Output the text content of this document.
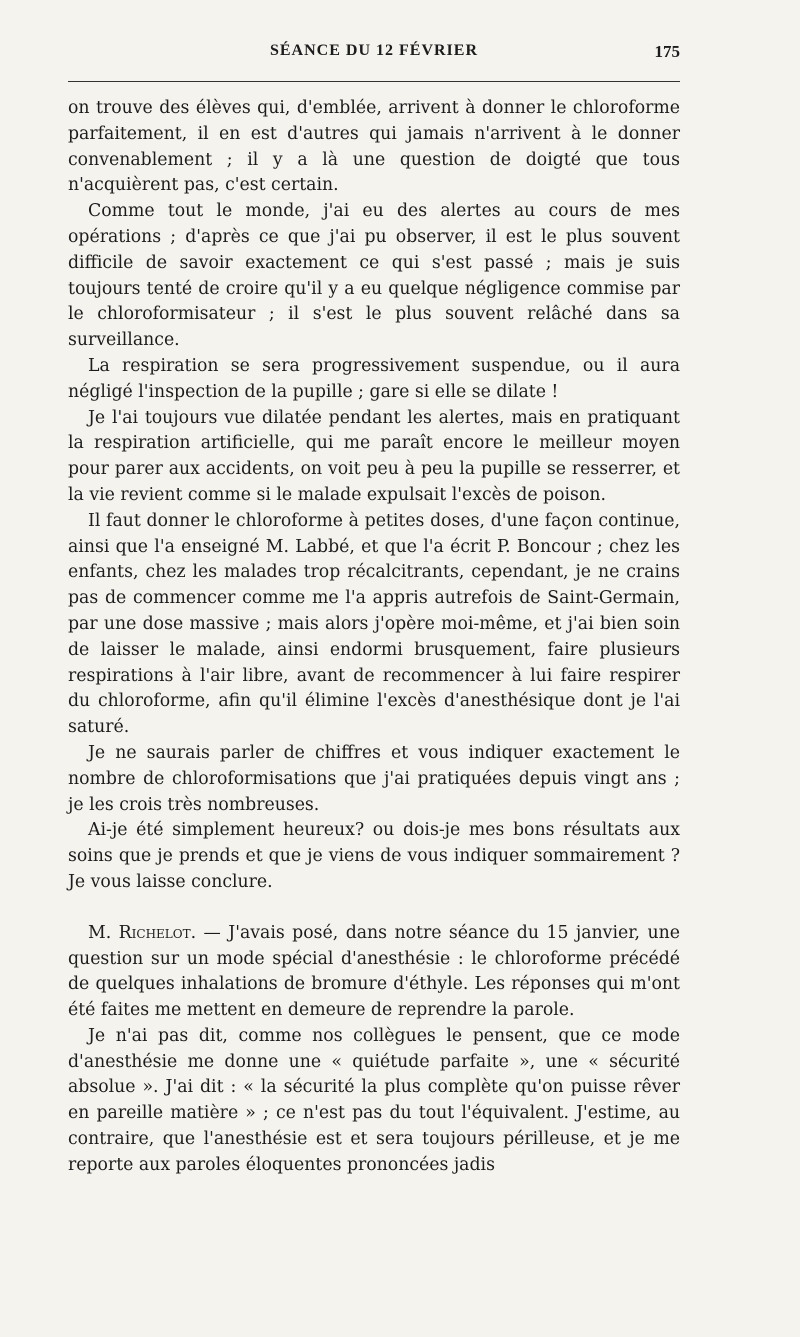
SÉANCE DU 12 FÉVRIER	175

on trouve des élèves qui, d'emblée, arrivent à donner le chloroforme parfaitement, il en est d'autres qui jamais n'arrivent à le donner convenablement ; il y a là une question de doigté que tous n'acquièrent pas, c'est certain.

Comme tout le monde, j'ai eu des alertes au cours de mes opérations ; d'après ce que j'ai pu observer, il est le plus souvent difficile de savoir exactement ce qui s'est passé ; mais je suis toujours tenté de croire qu'il y a eu quelque négligence commise par le chloroformisateur ; il s'est le plus souvent relâché dans sa surveillance.

La respiration se sera progressivement suspendue, ou il aura négligé l'inspection de la pupille ; gare si elle se dilate !

Je l'ai toujours vue dilatée pendant les alertes, mais en pratiquant la respiration artificielle, qui me paraît encore le meilleur moyen pour parer aux accidents, on voit peu à peu la pupille se resserrer, et la vie revient comme si le malade expulsait l'excès de poison.

Il faut donner le chloroforme à petites doses, d'une façon continue, ainsi que l'a enseigné M. Labbé, et que l'a écrit P. Boncour ; chez les enfants, chez les malades trop récalcitrants, cependant, je ne crains pas de commencer comme me l'a appris autrefois de Saint-Germain, par une dose massive ; mais alors j'opère moi-même, et j'ai bien soin de laisser le malade, ainsi endormi brusquement, faire plusieurs respirations à l'air libre, avant de recommencer à lui faire respirer du chloroforme, afin qu'il élimine l'excès d'anesthésique dont je l'ai saturé.

Je ne saurais parler de chiffres et vous indiquer exactement le nombre de chloroformisations que j'ai pratiquées depuis vingt ans ; je les crois très nombreuses.

Ai-je été simplement heureux? ou dois-je mes bons résultats aux soins que je prends et que je viens de vous indiquer sommairement ? Je vous laisse conclure.

M. Richelot. — J'avais posé, dans notre séance du 15 janvier, une question sur un mode spécial d'anesthésie : le chloroforme précédé de quelques inhalations de bromure d'éthyle. Les réponses qui m'ont été faites me mettent en demeure de reprendre la parole.

Je n'ai pas dit, comme nos collègues le pensent, que ce mode d'anesthésie me donne une « quiétude parfaite », une « sécurité absolue ». J'ai dit : « la sécurité la plus complète qu'on puisse rêver en pareille matière » ; ce n'est pas du tout l'équivalent. J'estime, au contraire, que l'anesthésie est et sera toujours périlleuse, et je me reporte aux paroles éloquentes prononcées jadis
